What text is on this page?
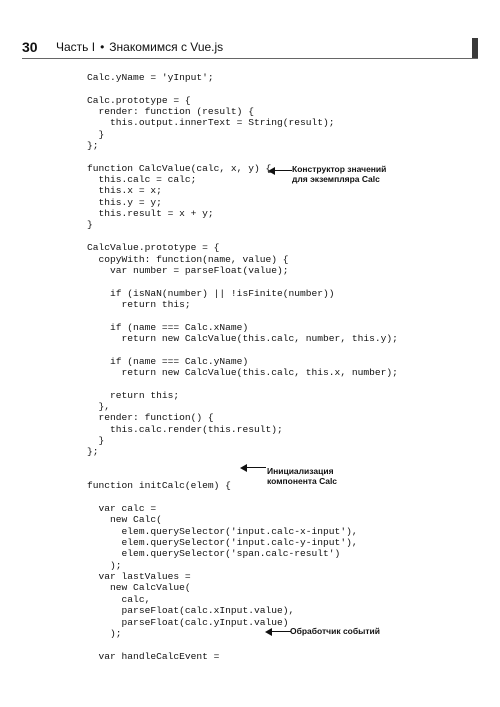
30 Часть I • Знакомимся с Vue.js
Calc.yName = 'yInput';
Calc.prototype = {
render: function (result) {
this.output.innerText = String(result);
}
};
function CalcValue(calc, x, y) {
this.calc = calc;
this.x = x;
this.y = y;
this.result = x + y;
}
CalcValue.prototype = {
copyWith: function(name, value) {
var number = parseFloat(value);
if (isNaN(number) || !isFinite(number))
return this;
if (name === Calc.xName)
return new CalcValue(this.calc, number, this.y);
if (name === Calc.yName)
return new CalcValue(this.calc, this.x, number);
return this;
},
render: function() {
this.calc.render(this.result);
}
};
function initCalc(elem) {
var calc =
new Calc(
elem.querySelector('input.calc-x-input'),
elem.querySelector('input.calc-y-input'),
elem.querySelector('span.calc-result')
);
var lastValues =
new CalcValue(
calc,
parseFloat(calc.xInput.value),
parseFloat(calc.yInput.value)
);
var handleCalcEvent =
Конструктор значений
для экземпляра Calc
Инициализация
компонента Calc
Обработчик событий
